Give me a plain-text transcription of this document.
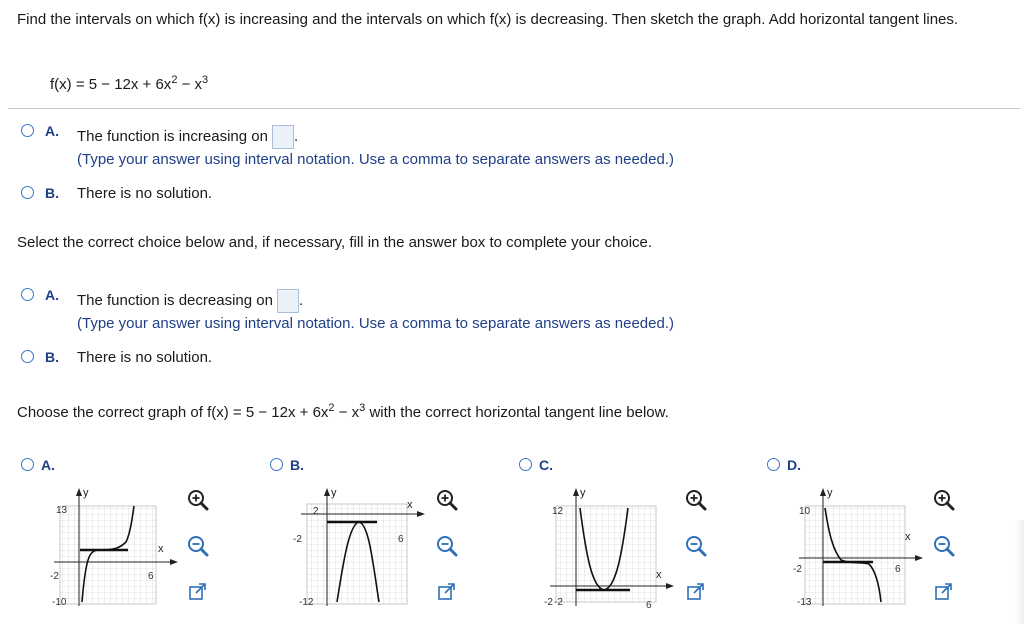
Find the intervals on which f(x) is increasing and the intervals on which f(x) is decreasing. Then sketch the graph. Add horizontal tangent lines.
$f(x) = 5 - 12x + 6x^2 - x^3$
A. The function is increasing on .
(Type your answer using interval notation. Use a comma to separate answers as needed.)
B. There is no solution.
Select the correct choice below and, if necessary, fill in the answer box to complete your choice.
A. The function is decreasing on .
(Type your answer using interval notation. Use a comma to separate answers as needed.)
B. There is no solution.
Choose the correct graph of $f(x) = 5 - 12x + 6x^2 - x^3$ with the correct horizontal tangent line below.
A.	B.	C.	D.
y
x
13
-10
-2	6
y
x
2
-12
-2	6
y
x
12
-2
-2	6
y
x
10
-13
-2	6
